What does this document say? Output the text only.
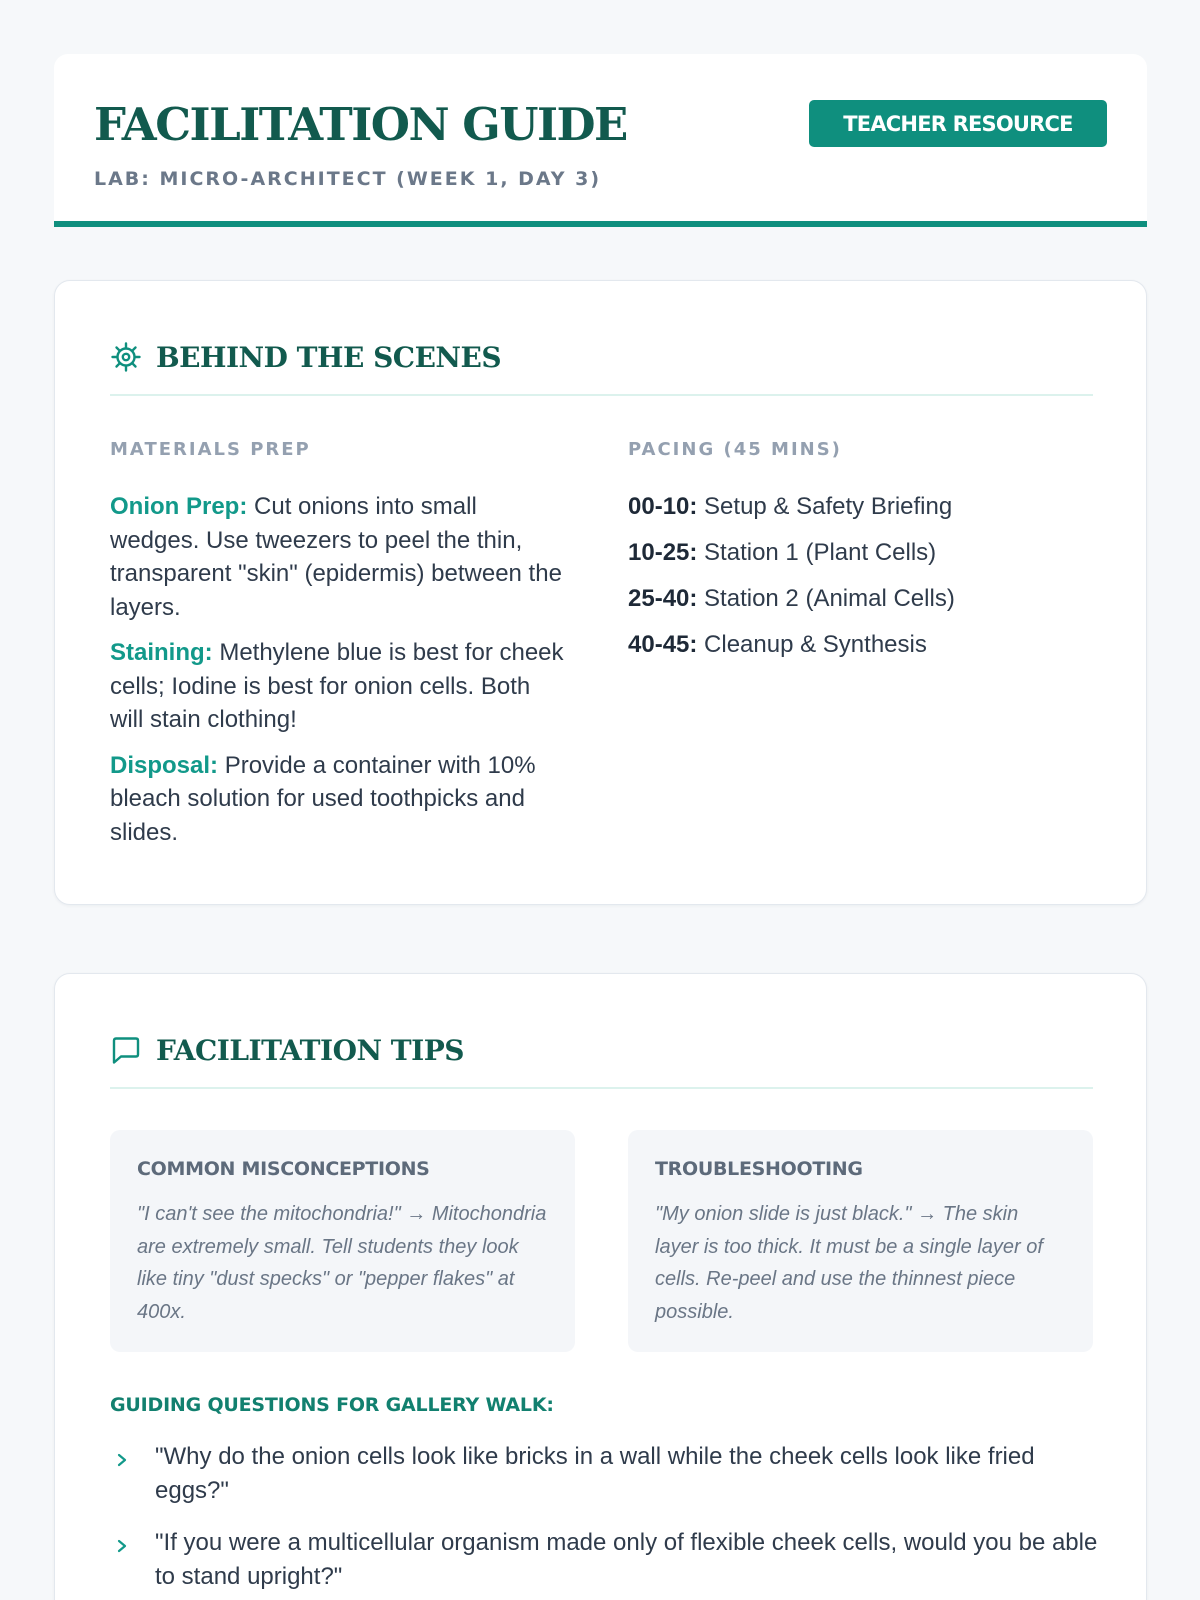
FACILITATION GUIDE
LAB: MICRO-ARCHITECT (WEEK 1, DAY 3)
TEACHER RESOURCE
BEHIND THE SCENES
MATERIALS PREP
Onion Prep: Cut onions into small wedges. Use tweezers to peel the thin, transparent "skin" (epidermis) between the layers.
Staining: Methylene blue is best for cheek cells; Iodine is best for onion cells. Both will stain clothing!
Disposal: Provide a container with 10% bleach solution for used toothpicks and slides.
PACING (45 MINS)
00-10: Setup & Safety Briefing
10-25: Station 1 (Plant Cells)
25-40: Station 2 (Animal Cells)
40-45: Cleanup & Synthesis
FACILITATION TIPS
COMMON MISCONCEPTIONS
"I can't see the mitochondria!" → Mitochondria are extremely small. Tell students they look like tiny "dust specks" or "pepper flakes" at 400x.
TROUBLESHOOTING
"My onion slide is just black." → The skin layer is too thick. It must be a single layer of cells. Re-peel and use the thinnest piece possible.
GUIDING QUESTIONS FOR GALLERY WALK:
"Why do the onion cells look like bricks in a wall while the cheek cells look like fried eggs?"
"If you were a multicellular organism made only of flexible cheek cells, would you be able to stand upright?"
